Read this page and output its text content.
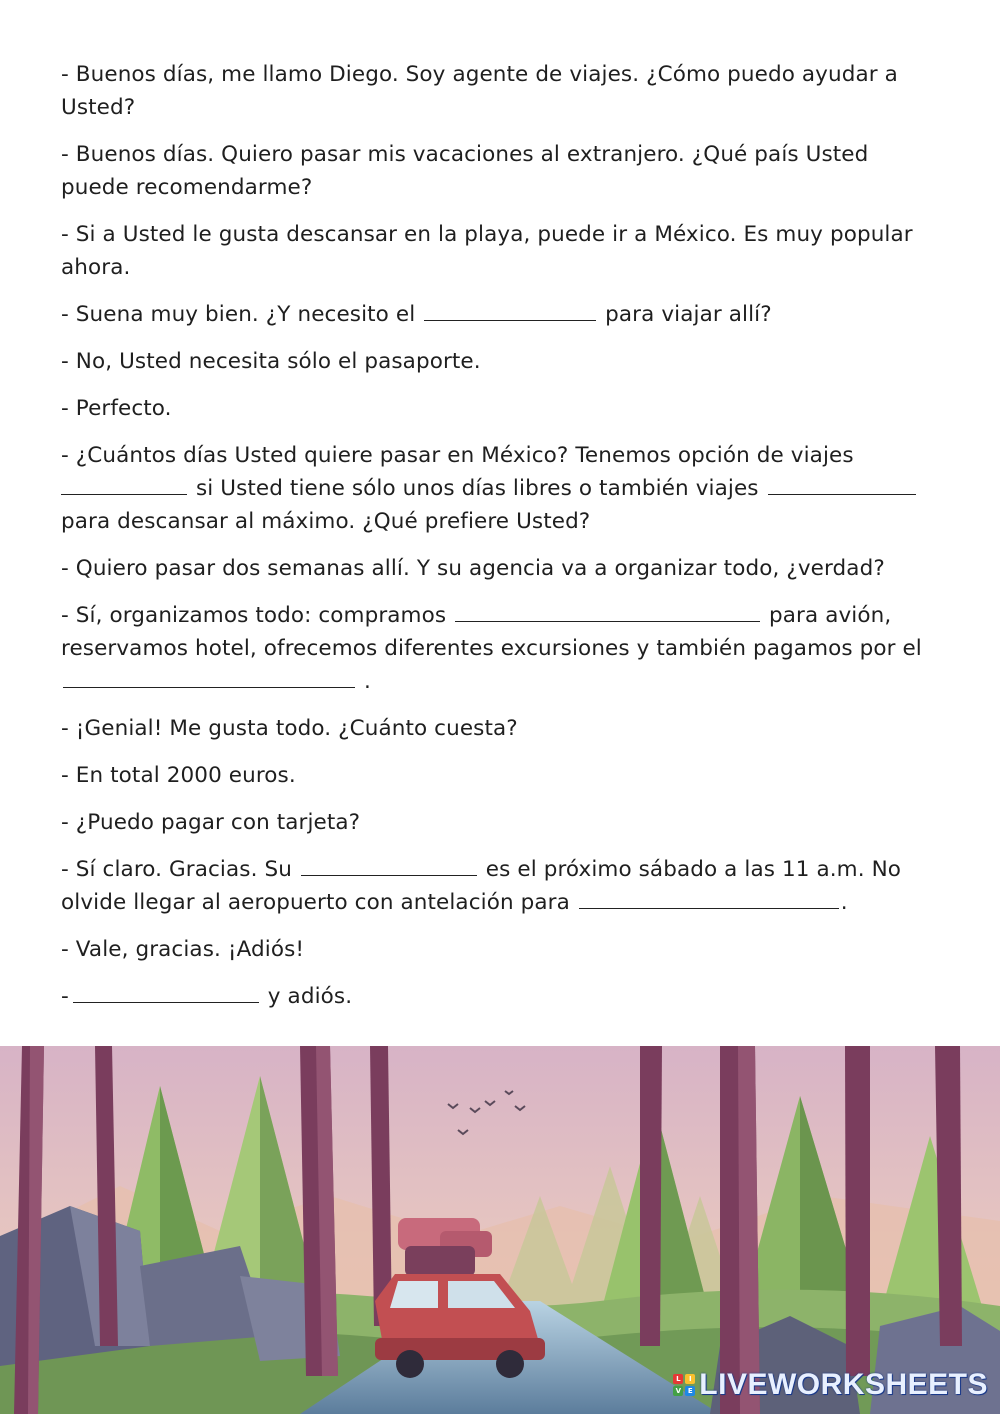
- Buenos días, me llamo Diego. Soy agente de viajes. ¿Cómo puedo ayudar a Usted?

- Buenos días. Quiero pasar mis vacaciones al extranjero. ¿Qué país Usted puede recomendarme?

- Si a Usted le gusta descansar en la playa, puede ir a México. Es muy popular ahora.

- Suena muy bien. ¿Y necesito el	para viajar allí?

- No, Usted necesita sólo el pasaporte.

- Perfecto.

- ¿Cuántos días Usted quiere pasar en México? Tenemos opción de viajes  si Usted tiene sólo unos días libres o también viajes  para descansar al máximo. ¿Qué prefiere Usted?

- Quiero pasar dos semanas allí. Y su agencia va a organizar todo, ¿verdad?

- Sí, organizamos todo: compramos	para avión, reservamos hotel, ofrecemos diferentes excursiones y también pagamos por el  .

- ¡Genial! Me gusta todo. ¿Cuánto cuesta?

- En total 2000 euros.

- ¿Puedo pagar con tarjeta?

- Sí claro. Gracias. Su	es el próximo sábado a las 11 a.m. No olvide llegar al aeropuerto con antelación para	.

- Vale, gracias. ¡Adiós!

-	y adiós.

L	I
V E LIVEWORKSHEETS
